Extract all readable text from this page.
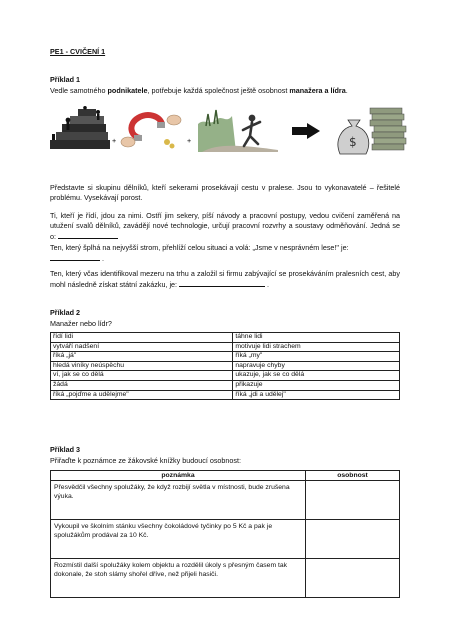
PE1 - CVIČENÍ 1
Příklad 1
Vedle samotného podnikatele, potřebuje každá společnost ještě osobnost manažera a lídra.
+	+	$
Představte si skupinu dělníků, kteří sekerami prosekávají cestu v pralese. Jsou to vykonavatelé – řešitelé problému. Vysekávají porost.
Ti, kteří je řídí, jdou za nimi. Ostří jim sekery, píší návody a pracovní postupy, vedou cvičení zaměřená na utužení svalů dělníků, zavádějí nové technologie, určují pracovní rozvrhy a soustavy odměňování. Jedná se o:
Ten, který šplhá na nejvyšší strom, přehlíží celou situaci a volá: „Jsme v nesprávném lese!" je:
.
Ten, který včas identifikoval mezeru na trhu a založil si firmu zabývající se prosekáváním pralesních cest, aby mohl následně získat státní zakázku, je:	.
Příklad 2
Manažer nebo lídr?
řídí lidi	táhne lidi
vytváří nadšení	motivuje lidi strachem
říká „já"	říká „my"
hledá viníky neúspěchu	napravuje chyby
ví, jak se co dělá	ukazuje, jak se co dělá
žádá	přikazuje
říká „pojďme a udělejme"	říká „jdi a udělej"
Příklad 3
Přiřaďte k poznámce ze žákovské knížky budoucí osobnost:
poznámka	osobnost
Přesvědčil všechny spolužáky, že když rozbijí světla v místnosti, bude zrušena výuka.	
Vykoupil ve školním stánku všechny čokoládové tyčinky po 5 Kč a pak je spolužákům prodával za 10 Kč.	
Rozmístil další spolužáky kolem objektu a rozdělil úkoly s přesným časem tak dokonale, že stoh slámy shořel dříve, než přijeli hasiči.	
